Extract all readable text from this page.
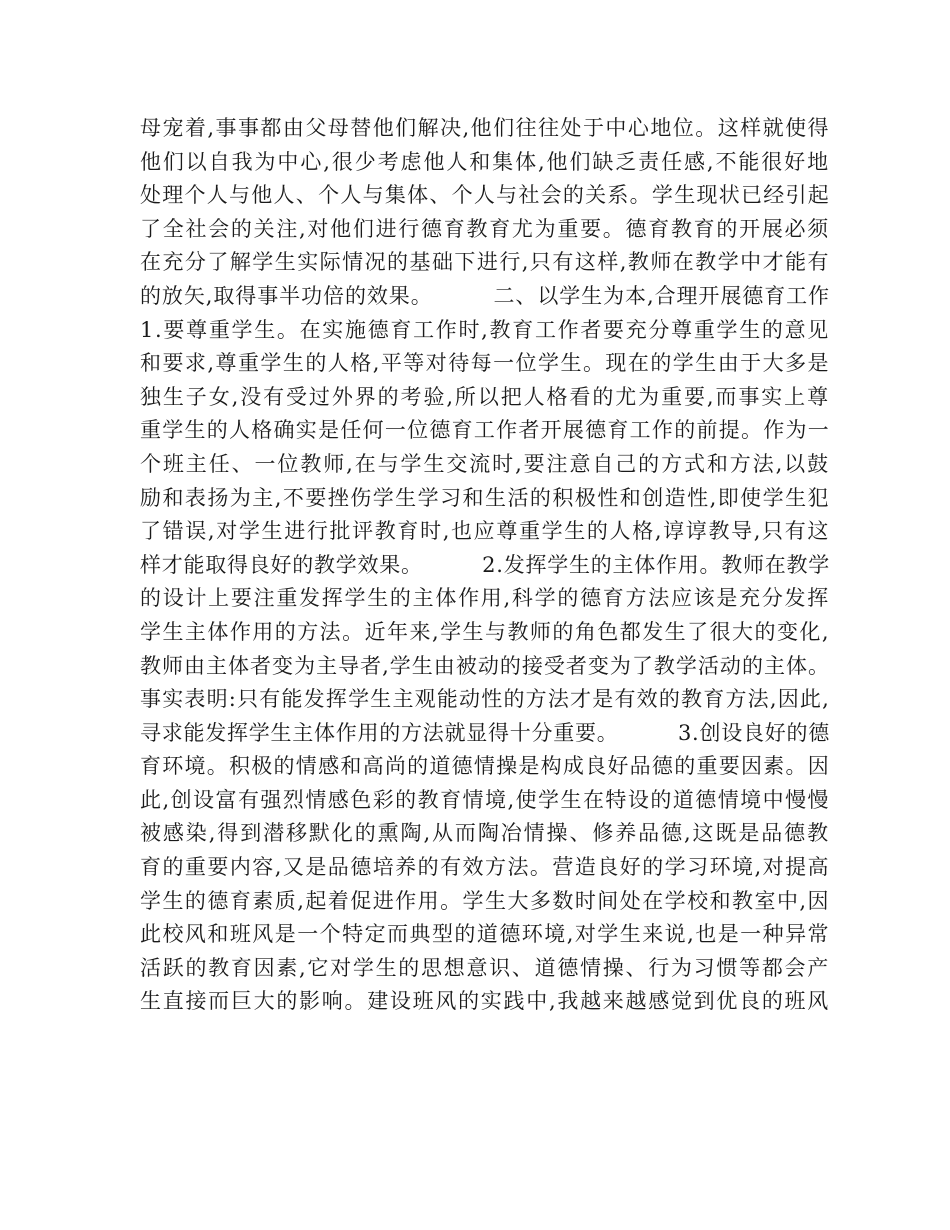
母宠着,事事都由父母替他们解决,他们往往处于中心地位。这样就使得
他们以自我为中心,很少考虑他人和集体,他们缺乏责任感,不能很好地
处理个人与他人、个人与集体、个人与社会的关系。学生现状已经引起
了全社会的关注,对他们进行德育教育尤为重要。德育教育的开展必须
在充分了解学生实际情况的基础下进行,只有这样,教师在教学中才能有
的放矢,取得事半功倍的效果。        二、以学生为本,合理开展德育工作
1.要尊重学生。在实施德育工作时,教育工作者要充分尊重学生的意见
和要求,尊重学生的人格,平等对待每一位学生。现在的学生由于大多是
独生子女,没有受过外界的考验,所以把人格看的尤为重要,而事实上尊
重学生的人格确实是任何一位德育工作者开展德育工作的前提。作为一
个班主任、一位教师,在与学生交流时,要注意自己的方式和方法,以鼓
励和表扬为主,不要挫伤学生学习和生活的积极性和创造性,即使学生犯
了错误,对学生进行批评教育时,也应尊重学生的人格,谆谆教导,只有这
样才能取得良好的教学效果。        2.发挥学生的主体作用。教师在教学
的设计上要注重发挥学生的主体作用,科学的德育方法应该是充分发挥
学生主体作用的方法。近年来,学生与教师的角色都发生了很大的变化,
教师由主体者变为主导者,学生由被动的接受者变为了教学活动的主体。
事实表明:只有能发挥学生主观能动性的方法才是有效的教育方法,因此,
寻求能发挥学生主体作用的方法就显得十分重要。        3.创设良好的德
育环境。积极的情感和高尚的道德情操是构成良好品德的重要因素。因
此,创设富有强烈情感色彩的教育情境,使学生在特设的道德情境中慢慢
被感染,得到潜移默化的熏陶,从而陶冶情操、修养品德,这既是品德教
育的重要内容,又是品德培养的有效方法。营造良好的学习环境,对提高
学生的德育素质,起着促进作用。学生大多数时间处在学校和教室中,因
此校风和班风是一个特定而典型的道德环境,对学生来说,也是一种异常
活跃的教育因素,它对学生的思想意识、道德情操、行为习惯等都会产
生直接而巨大的影响。建设班风的实践中,我越来越感觉到优良的班风
